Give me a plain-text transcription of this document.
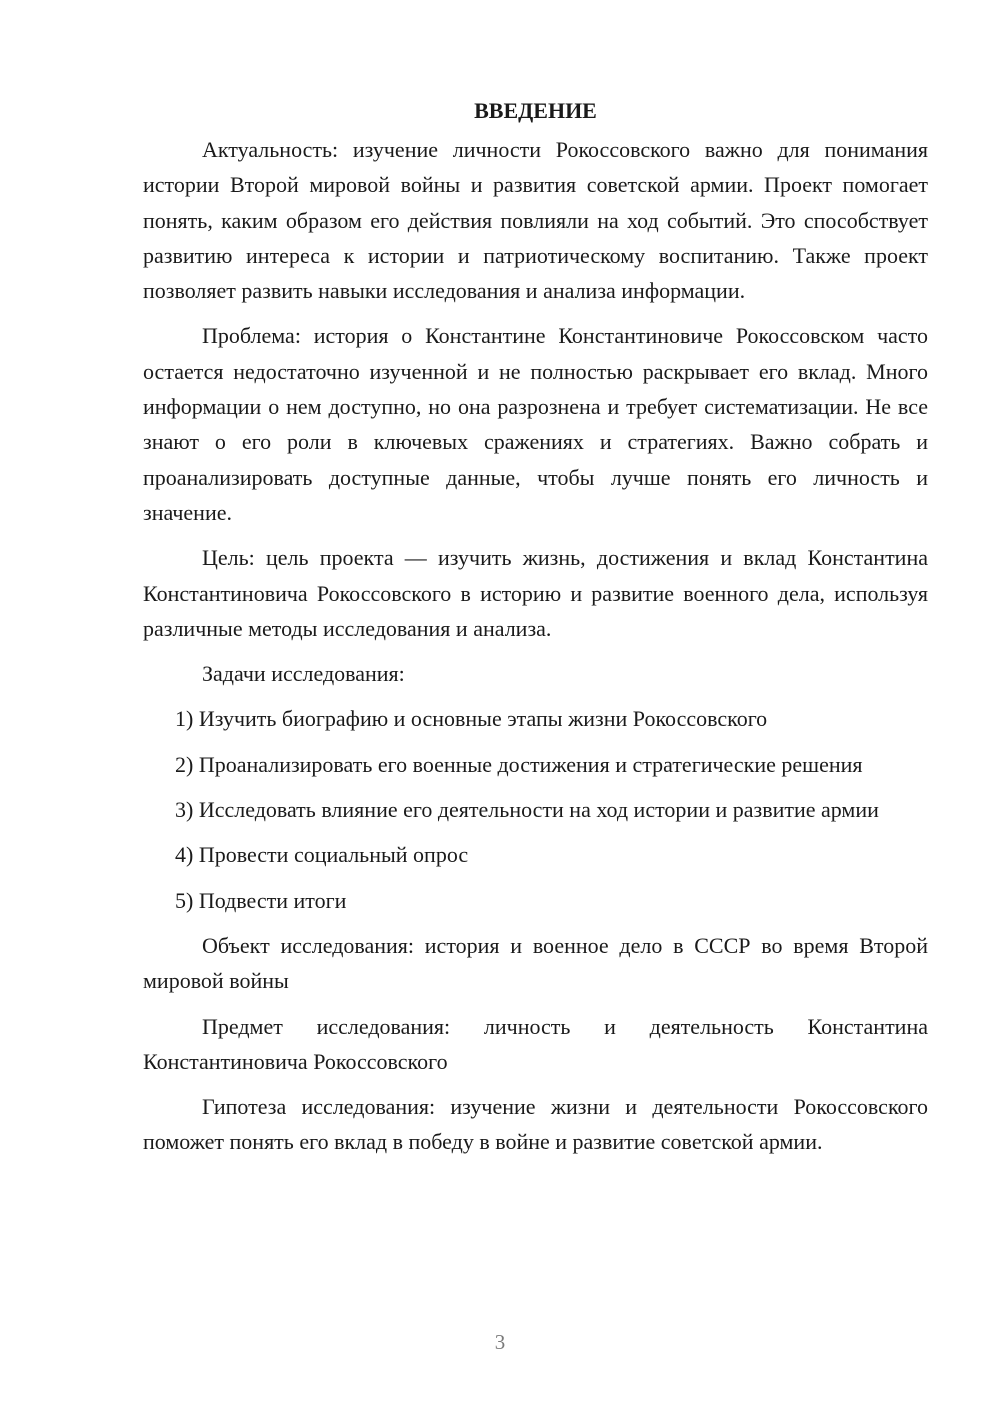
ВВЕДЕНИЕ

Актуальность: изучение личности Рокоссовского важно для понимания истории Второй мировой войны и развития советской армии. Проект помогает понять, каким образом его действия повлияли на ход событий. Это способствует развитию интереса к истории и патриотическому воспитанию. Также проект позволяет развить навыки исследования и анализа информации.

Проблема: история о Константине Константиновиче Рокоссовском часто остается недостаточно изученной и не полностью раскрывает его вклад. Много информации о нем доступно, но она разрознена и требует систематизации. Не все знают о его роли в ключевых сражениях и стратегиях. Важно собрать и проанализировать доступные данные, чтобы лучше понять его личность и значение.

Цель: цель проекта — изучить жизнь, достижения и вклад Константина Константиновича Рокоссовского в историю и развитие военного дела, используя различные методы исследования и анализа.

Задачи исследования:

1) Изучить биографию и основные этапы жизни Рокоссовского

2) Проанализировать его военные достижения и стратегические решения

3) Исследовать влияние его деятельности на ход истории и развитие армии

4) Провести социальный опрос

5) Подвести итоги

Объект исследования: история и военное дело в СССР во время Второй мировой войны

Предмет исследования: личность и деятельность Константина Константиновича Рокоссовского

Гипотеза исследования: изучение жизни и деятельности Рокоссовского поможет понять его вклад в победу в войне и развитие советской армии.

3
